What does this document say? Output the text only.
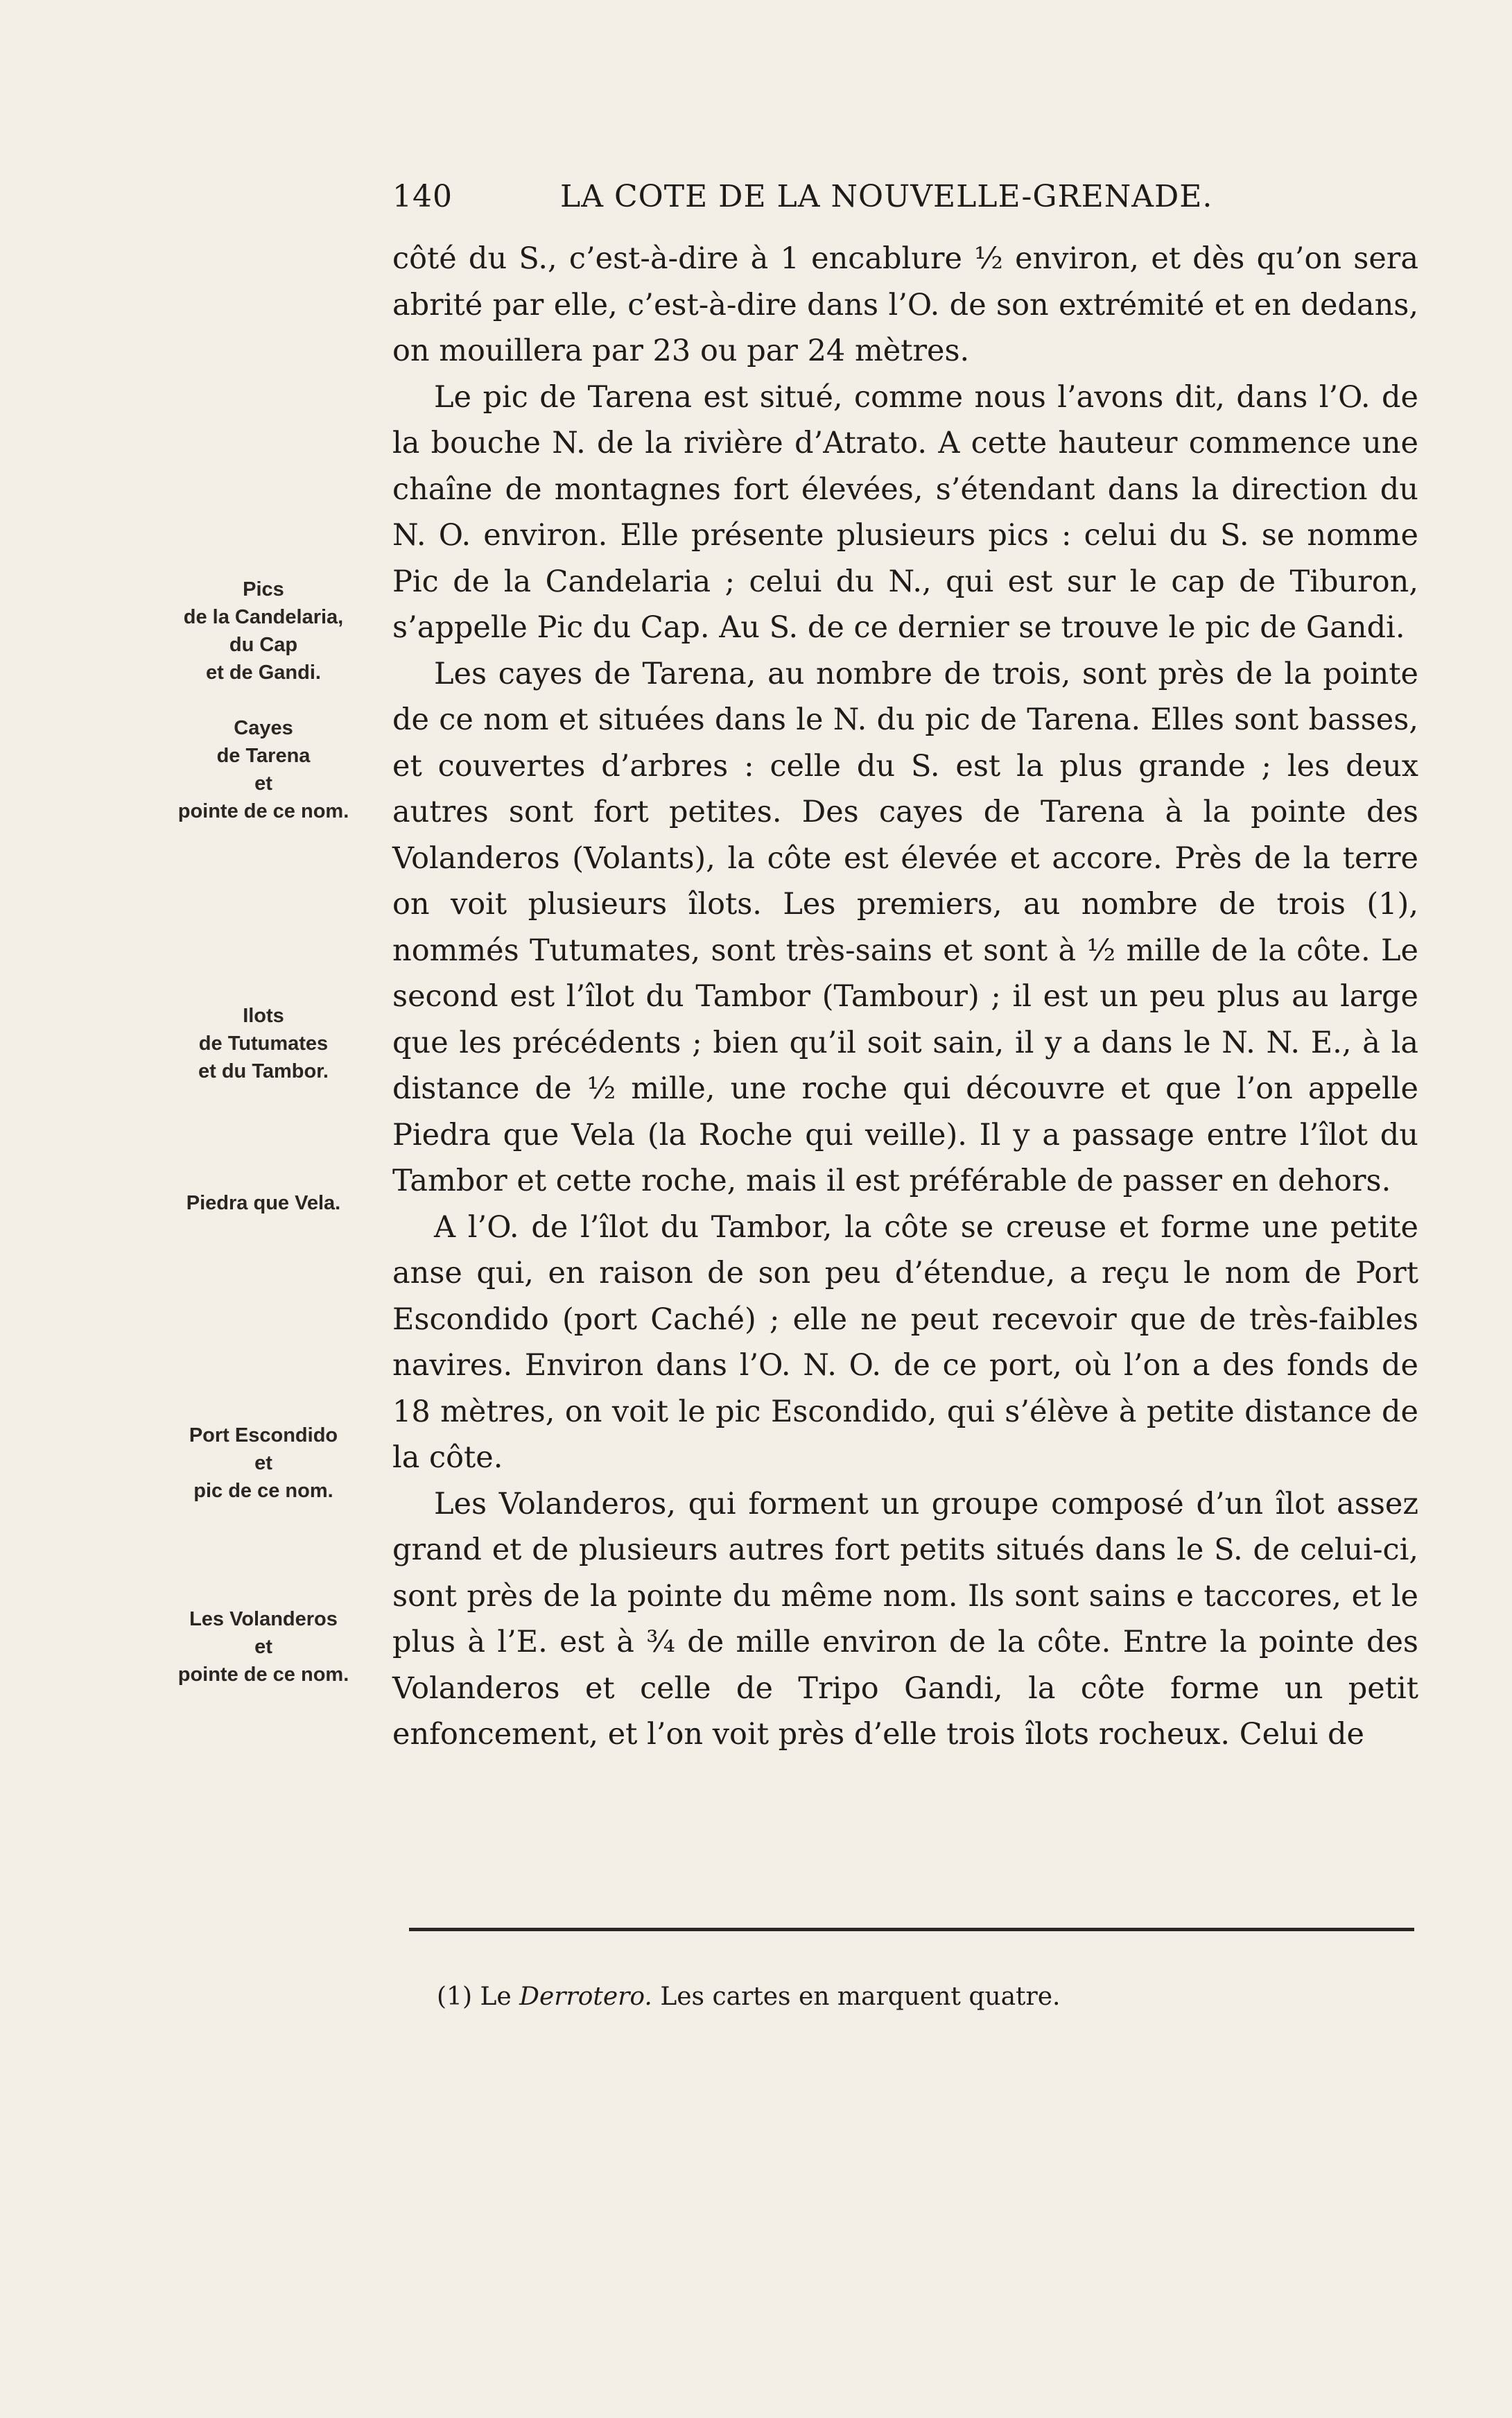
140	LA COTE DE LA NOUVELLE-GRENADE.

côté du S., c’est-à-dire à 1 encablure ½ environ, et dès qu’on sera abrité par elle, c’est-à-dire dans l’O. de son extrémité et en dedans, on mouillera par 23 ou par 24 mètres.

Le pic de Tarena est situé, comme nous l’avons dit, dans l’O. de la bouche N. de la rivière d’Atrato. A cette hauteur commence une chaîne de montagnes fort élevées, s’étendant dans la direction du N. O. environ. Elle présente plusieurs pics : celui du S. se nomme Pic de la Candelaria ; celui du N., qui est sur le cap de Tiburon, s’appelle Pic du Cap. Au S. de ce dernier se trouve le pic de Gandi.

Les cayes de Tarena, au nombre de trois, sont près de la pointe de ce nom et situées dans le N. du pic de Tarena. Elles sont basses, et couvertes d’arbres : celle du S. est la plus grande ; les deux autres sont fort petites. Des cayes de Tarena à la pointe des Volanderos (Volants), la côte est élevée et accore. Près de la terre on voit plusieurs îlots. Les premiers, au nombre de trois (1), nommés Tutumates, sont très-sains et sont à ½ mille de la côte. Le second est l’îlot du Tambor (Tambour) ; il est un peu plus au large que les précédents ; bien qu’il soit sain, il y a dans le N. N. E., à la distance de ½ mille, une roche qui découvre et que l’on appelle Piedra que Vela (la Roche qui veille). Il y a passage entre l’îlot du Tambor et cette roche, mais il est préférable de passer en dehors.

A l’O. de l’îlot du Tambor, la côte se creuse et forme une petite anse qui, en raison de son peu d’étendue, a reçu le nom de Port Escondido (port Caché) ; elle ne peut recevoir que de très-faibles navires. Environ dans l’O. N. O. de ce port, où l’on a des fonds de 18 mètres, on voit le pic Escondido, qui s’élève à petite distance de la côte.

Les Volanderos, qui forment un groupe composé d’un îlot assez grand et de plusieurs autres fort petits situés dans le S. de celui-ci, sont près de la pointe du même nom. Ils sont sains e taccores, et le plus à l’E. est à ¾ de mille environ de la côte. Entre la pointe des Volanderos et celle de Tripo Gandi, la côte forme un petit enfoncement, et l’on voit près d’elle trois îlots rocheux. Celui de

Pics
de la Candelaria,
du Cap
et de Gandi.
Cayes
de Tarena
et
pointe de ce nom.
Ilots
de Tutumates
et du Tambor.
Piedra que Vela.
Port Escondido
et
pic de ce nom.
Les Volanderos
et
pointe de ce nom.
(1) Le Derrotero. Les cartes en marquent quatre.
